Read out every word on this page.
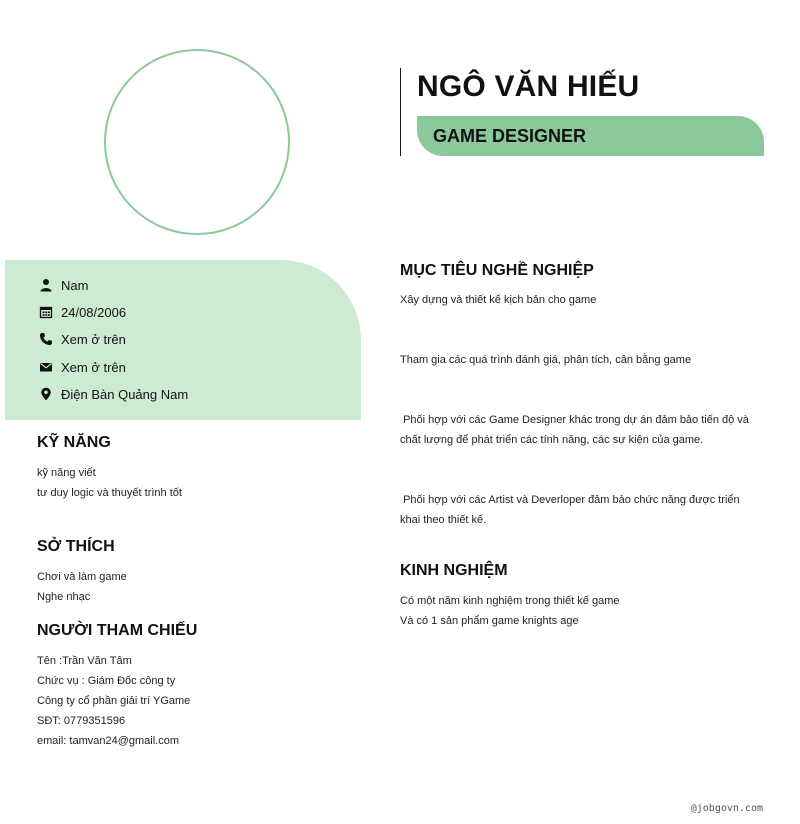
NGÔ VĂN HIẾU
GAME DESIGNER
Nam
24/08/2006
Xem ở trên
Xem ở trên
Điện Bàn Quảng Nam
KỸ NĂNG
kỹ năng viết
tư duy logic và thuyết trình tốt
SỞ THÍCH
Chơi và làm game
Nghe nhạc
NGƯỜI THAM CHIẾU
Tên :Trần Văn Tâm
Chức vụ : Giám Đốc công ty
Công ty cổ phần giải trí YGame
SĐT: 0779351596
email: tamvan24@gmail.com
MỤC TIÊU NGHỀ NGHIỆP
Xây dựng và thiết kế kịch bản cho game
Tham gia các quá trình đánh giá, phân tích, cân bằng game
Phối hợp với các Game Designer khác trong dự án đảm bảo tiến độ và chất lượng để phát triển các tính năng, các sự kiện của game.
Phối hợp với các Artist và Deverloper đảm bảo chức năng được triển khai theo thiết kế.
KINH NGHIỆM
Có một năm kinh nghiệm trong thiết kế game
Và có 1 sản phẩm game knights age
@jobgovn.com
